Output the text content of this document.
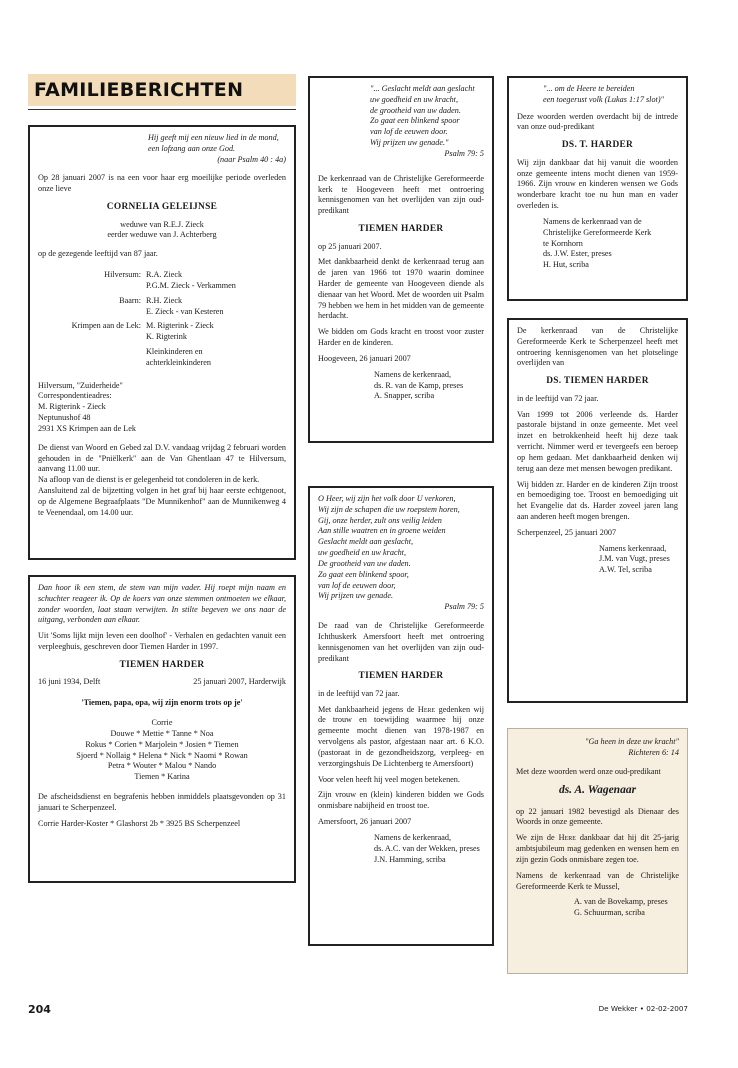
FAMILIEBERICHTEN
Hij geeft mij een nieuw lied in de mond,
een lofzang aan onze God.
(naar Psalm 40 : 4a)

Op 28 januari 2007 is na een voor haar erg moeilijke periode overleden onze lieve

CORNELIA GELEIJNSE
weduwe van R.E.J. Zieck
eerder weduwe van J. Achterberg

op de gezegende leeftijd van 87 jaar.

Hilversum: R.A. Zieck
P.G.M. Zieck - Verkammen
Baarn: R.H. Zieck
E. Zieck - van Kesteren
Krimpen aan de Lek: M. Rigterink - Zieck
K. Rigterink
Kleinkinderen en
achterkleinkinderen
Hilversum, "Zuiderheide"
Correspondentieadres:
M. Rigterink - Zieck
Neptunushof 48
2931 XS Krimpen aan de Lek

De dienst van Woord en Gebed zal D.V. vandaag vrijdag 2 februari worden gehouden in de "Pniëlkerk" aan de Van Ghentlaan 47 te Hilversum, aanvang 11.00 uur.

Na afloop van de dienst is er gelegenheid tot condoleren in de kerk.

Aansluitend zal de bijzetting volgen in het graf bij haar eerste echtgenoot, op de Algemene Begraafplaats "De Munnikenhof" aan de Munnikenweg 4 te Veenendaal, om 14.00 uur.

Dan hoor ik een stem, de stem van mijn vader. Hij roept mijn naam en schuchter reageer ik. Op de koers van onze stemmen ontmoeten we elkaar, zonder woorden, laat staan verwijten. In stilte begeven we ons naar de uitgang, verbonden aan elkaar.

Uit 'Soms lijkt mijn leven een doolhof' - Verhalen en gedachten vanuit een verpleeghuis, geschreven door Tiemen Harder in 1997.

TIEMEN HARDER
16 juni 1934, Delft	25 januari 2007, Harderwijk
'Tiemen, papa, opa, wij zijn enorm trots op je'
Corrie
Douwe * Mettie * Tanne * Noa
Rokus * Corien * Marjolein * Josien * Tiemen
Sjoerd * Nollaig * Helena * Nick * Naomi * Rowan
Petra * Wouter * Malou * Nando
Tiemen * Karina

De afscheidsdienst en begrafenis hebben inmiddels plaatsgevonden op 31 januari te Scherpenzeel.

Corrie Harder-Koster * Glashorst 2b * 3925 BS Scherpenzeel

"... Geslacht meldt aan geslacht
uw goedheid en uw kracht,
de grootheid van uw daden.
Zo gaat een blinkend spoor
van lof de eeuwen door.
Wij prijzen uw genade."
Psalm 79: 5

De kerkenraad van de Christelijke Gereformeerde kerk te Hoogeveen heeft met ontroering kennisgenomen van het overlijden van zijn oud-predikant

TIEMEN HARDER

op 25 januari 2007.

Met dankbaarheid denkt de kerkenraad terug aan de jaren van 1966 tot 1970 waarin dominee Harder de gemeente van Hoogeveen diende als dienaar van het Woord. Met de woorden uit Psalm 79 hebben we hem in het midden van de gemeente herdacht.

We bidden om Gods kracht en troost voor zuster Harder en de kinderen.

Hoogeveen, 26 januari 2007

Namens de kerkenraad,
ds. R. van de Kamp, preses
A. Snapper, scriba
O Heer, wij zijn het volk door U verkoren,
Wij zijn de schapen die uw roepstem horen,
Gij, onze herder, zult ons veilig leiden
Aan stille waatren en in groene weiden
Geslacht meldt aan geslacht,
uw goedheid en uw kracht,
De grootheid van uw daden.
Zo gaat een blinkend spoor,
van lof de eeuwen door,
Wij prijzen uw genade.
Psalm 79: 5

De raad van de Christelijke Gereformeerde Ichthuskerk Amersfoort heeft met ontroering kennisgenomen van het overlijden van zijn oud-predikant

TIEMEN HARDER

in de leeftijd van 72 jaar.

Met dankbaarheid jegens de Here gedenken wij de trouw en toewijding waarmee hij onze gemeente mocht dienen van 1978-1987 en vervolgens als pastor, afgestaan naar art. 6 K.O. (pastoraat in de gezondheidszorg, verpleeg- en verzorgingshuis De Lichtenberg te Amersfoort)

Voor velen heeft hij veel mogen betekenen.

Zijn vrouw en (klein) kinderen bidden we Gods onmisbare nabijheid en troost toe.

Amersfoort, 26 januari 2007

Namens de kerkenraad,
ds. A.C. van der Wekken, preses
J.N. Hamming, scriba
"... om de Heere te bereiden
een toegerust volk (Lukas 1:17 slot)"

Deze woorden werden overdacht bij de intrede van onze oud-predikant

DS. T. HARDER

Wij zijn dankbaar dat hij vanuit die woorden onze gemeente intens mocht dienen van 1959-1966. Zijn vrouw en kinderen wensen we Gods wonderbare kracht toe nu hun man en vader overleden is.

Namens de kerkenraad van de
Christelijke Gereformeerde Kerk
te Kornhorn
ds. J.W. Ester, preses
H. Hut, scriba

De kerkenraad van de Christelijke Gereformeerde Kerk te Scherpenzeel heeft met ontroering kennisgenomen van het plotselinge overlijden van

DS. TIEMEN HARDER

in de leeftijd van 72 jaar.

Van 1999 tot 2006 verleende ds. Harder pastorale bijstand in onze gemeente. Met veel inzet en betrokkenheid heeft hij deze taak verricht. Nimmer werd er tevergeefs een beroep op hem gedaan. Met dankbaarheid denken wij terug aan deze met mensen bewogen predikant.

Wij bidden zr. Harder en de kinderen Zijn troost en bemoediging toe. Troost en bemoediging uit het Evangelie dat ds. Harder zoveel jaren lang aan anderen heeft mogen brengen.

Scherpenzeel, 25 januari 2007

Namens kerkenraad,
J.M. van Vugt, preses
A.W. Tel, scriba
"Ga heen in deze uw kracht"
Richteren 6: 14

Met deze woorden werd onze oud-predikant

ds. A. Wagenaar

op 22 januari 1982 bevestigd als Dienaar des Woords in onze gemeente.

We zijn de Here dankbaar dat hij dit 25-jarig ambtsjubileum mag gedenken en wensen hem en zijn gezin Gods onmisbare zegen toe.

Namens de kerkenraad van de Christelijke Gereformeerde Kerk te Mussel,

A. van de Bovekamp, preses
G. Schuurman, scriba
204	De Wekker • 02-02-2007
